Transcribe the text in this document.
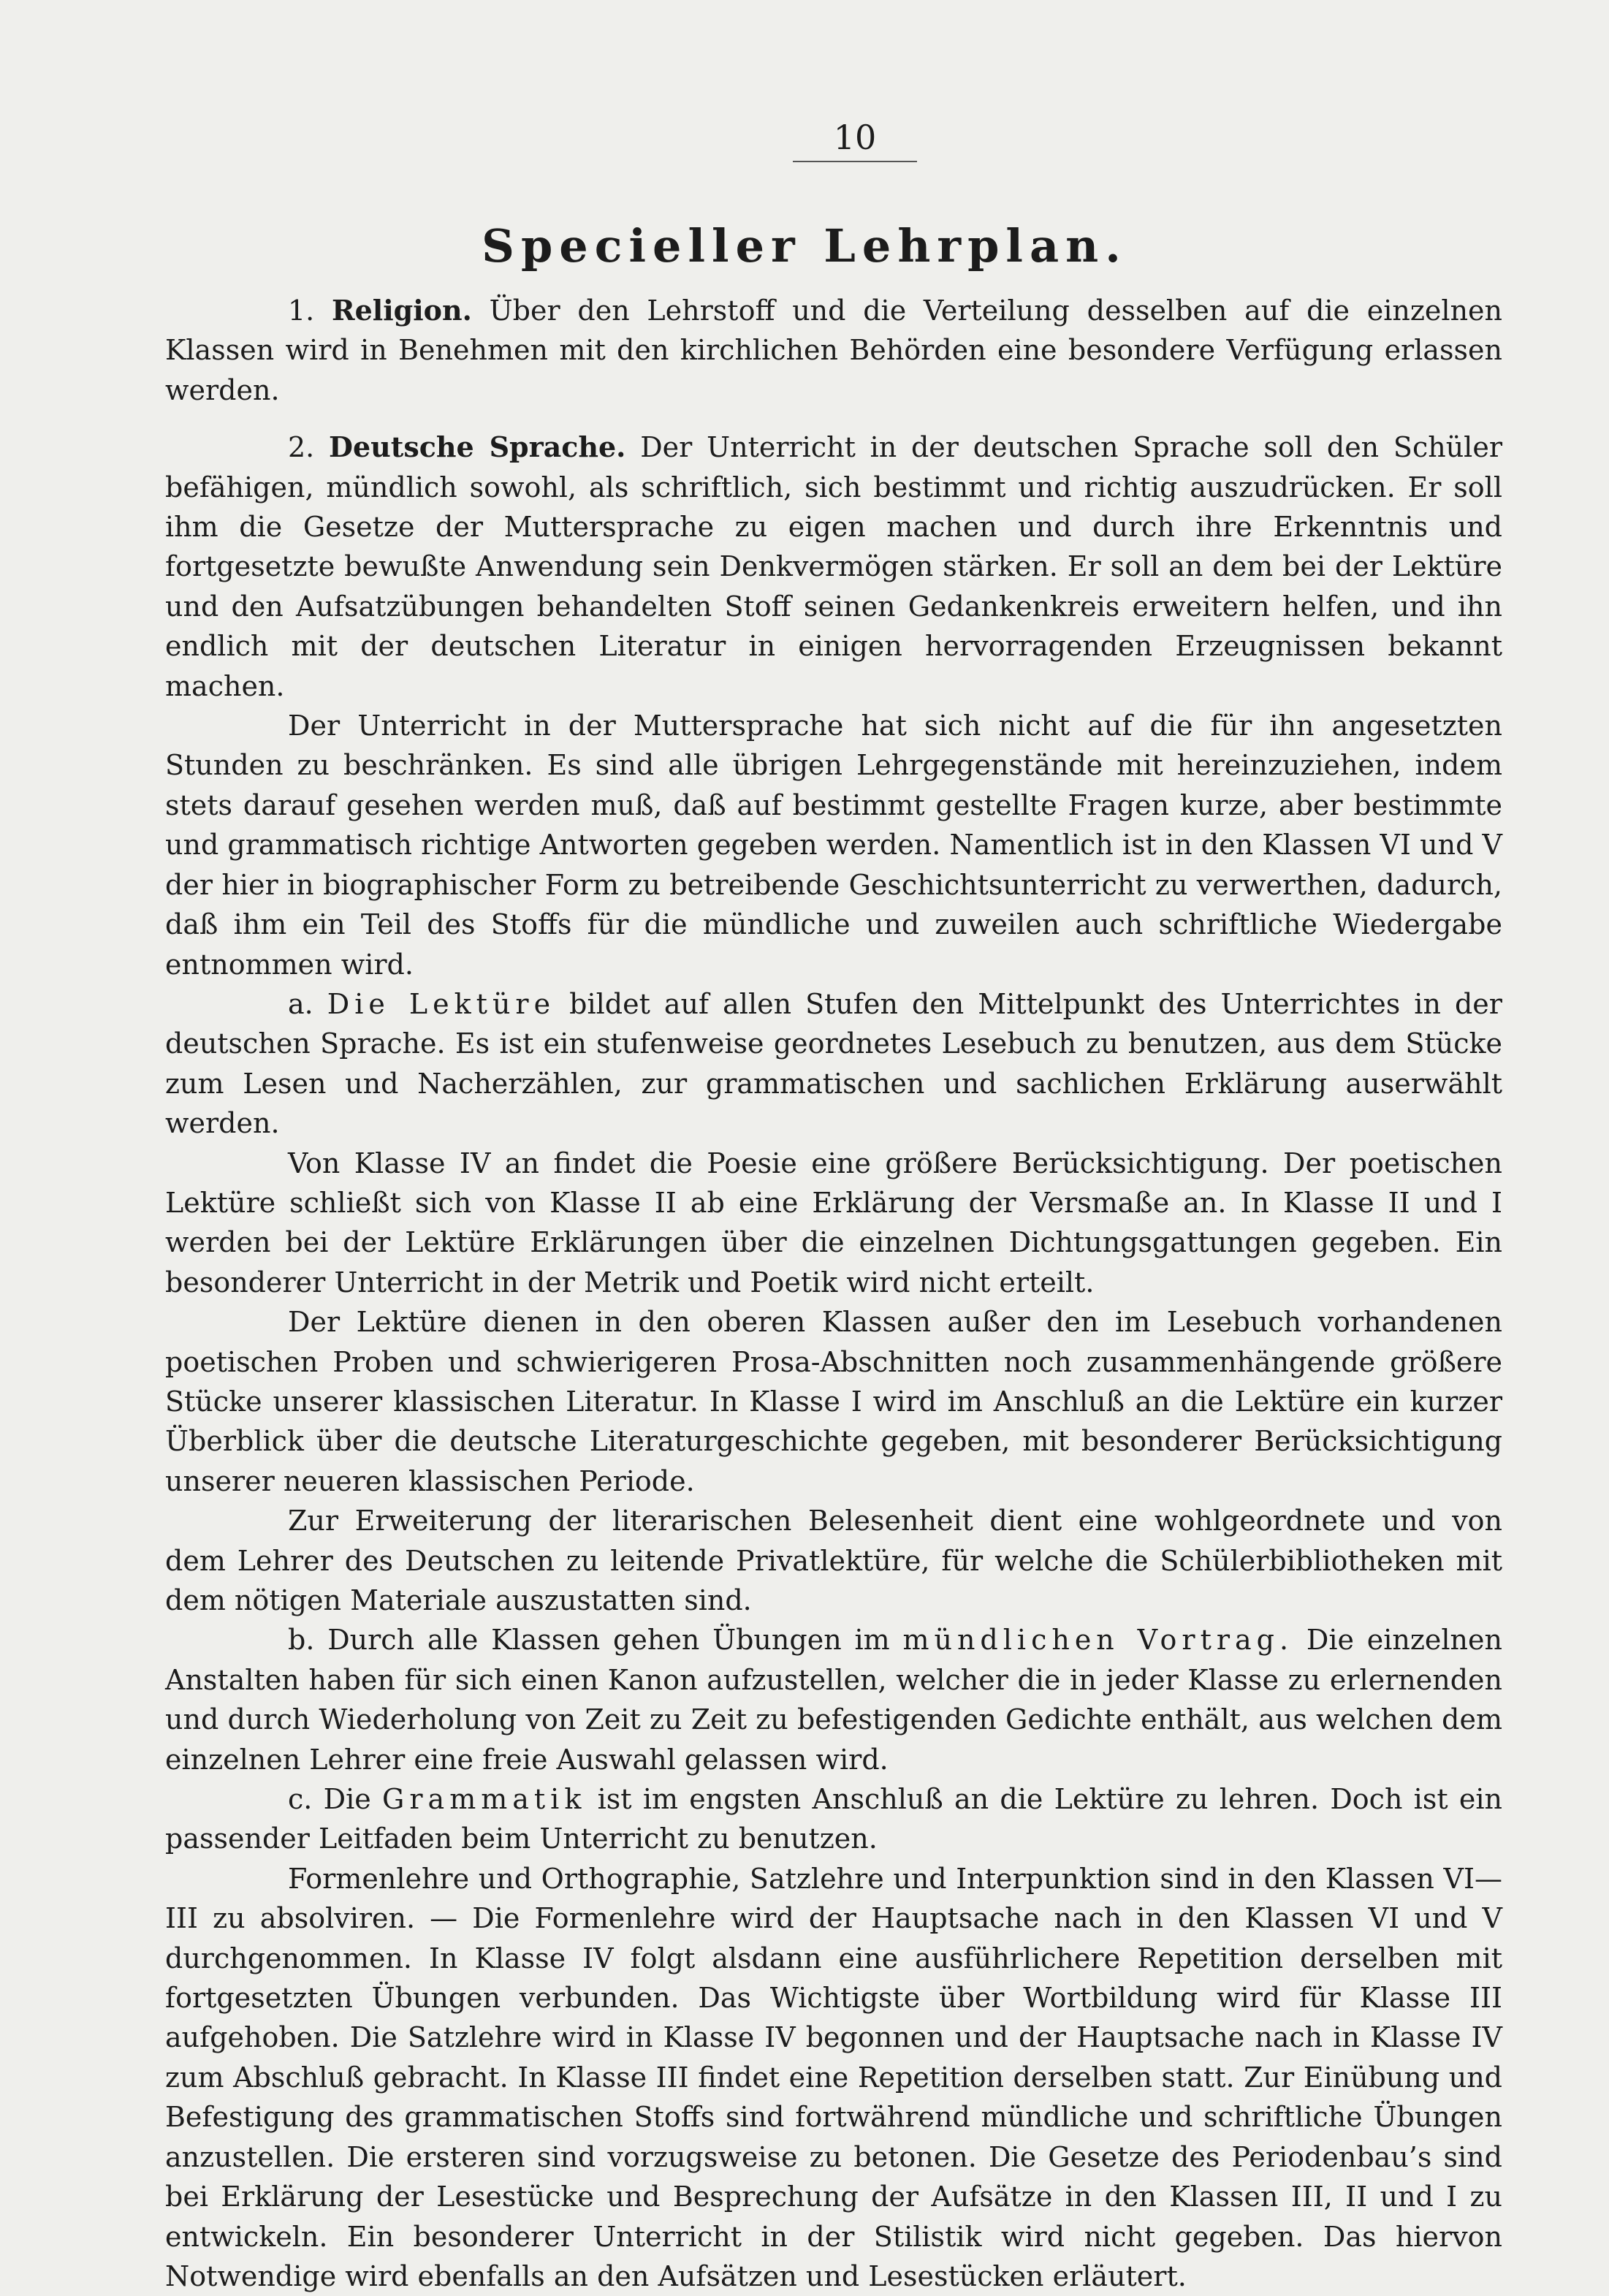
10
Specieller Lehrplan.

1. Religion. Über den Lehrstoff und die Verteilung desselben auf die einzelnen Klassen wird in Benehmen mit den kirchlichen Behörden eine besondere Verfügung erlassen werden.

2. Deutsche Sprache. Der Unterricht in der deutschen Sprache soll den Schüler befähigen, mündlich sowohl, als schriftlich, sich bestimmt und richtig auszudrücken. Er soll ihm die Gesetze der Muttersprache zu eigen machen und durch ihre Erkenntnis und fortgesetzte bewußte Anwendung sein Denkvermögen stärken. Er soll an dem bei der Lektüre und den Aufsatzübungen behandelten Stoff seinen Gedankenkreis erweitern helfen, und ihn endlich mit der deutschen Literatur in einigen hervorragenden Erzeugnissen bekannt machen.

Der Unterricht in der Muttersprache hat sich nicht auf die für ihn angesetzten Stunden zu beschränken. Es sind alle übrigen Lehrgegenstände mit hereinzuziehen, indem stets darauf gesehen werden muß, daß auf bestimmt gestellte Fragen kurze, aber bestimmte und grammatisch richtige Antworten gegeben werden. Namentlich ist in den Klassen VI und V der hier in biographischer Form zu betreibende Geschichtsunterricht zu verwerthen, dadurch, daß ihm ein Teil des Stoffs für die mündliche und zuweilen auch schriftliche Wiedergabe entnommen wird.

a. Die Lektüre bildet auf allen Stufen den Mittelpunkt des Unterrichtes in der deutschen Sprache. Es ist ein stufenweise geordnetes Lesebuch zu benutzen, aus dem Stücke zum Lesen und Nacherzählen, zur grammatischen und sachlichen Erklärung auserwählt werden.

Von Klasse IV an findet die Poesie eine größere Berücksichtigung. Der poetischen Lektüre schließt sich von Klasse II ab eine Erklärung der Versmaße an. In Klasse II und I werden bei der Lektüre Erklärungen über die einzelnen Dichtungsgattungen gegeben. Ein besonderer Unterricht in der Metrik und Poetik wird nicht erteilt.

Der Lektüre dienen in den oberen Klassen außer den im Lesebuch vorhandenen poetischen Proben und schwierigeren Prosa-Abschnitten noch zusammenhängende größere Stücke unserer klassischen Literatur. In Klasse I wird im Anschluß an die Lektüre ein kurzer Überblick über die deutsche Literaturgeschichte gegeben, mit besonderer Berücksichtigung unserer neueren klassischen Periode.

Zur Erweiterung der literarischen Belesenheit dient eine wohlgeordnete und von dem Lehrer des Deutschen zu leitende Privatlektüre, für welche die Schülerbibliotheken mit dem nötigen Materiale auszustatten sind.

b. Durch alle Klassen gehen Übungen im mündlichen Vortrag. Die einzelnen Anstalten haben für sich einen Kanon aufzustellen, welcher die in jeder Klasse zu erlernenden und durch Wiederholung von Zeit zu Zeit zu befestigenden Gedichte enthält, aus welchen dem einzelnen Lehrer eine freie Auswahl gelassen wird.

c. Die Grammatik ist im engsten Anschluß an die Lektüre zu lehren. Doch ist ein passender Leitfaden beim Unterricht zu benutzen.

Formenlehre und Orthographie, Satzlehre und Interpunktion sind in den Klassen VI—III zu absolviren. — Die Formenlehre wird der Hauptsache nach in den Klassen VI und V durchgenommen. In Klasse IV folgt alsdann eine ausführlichere Repetition derselben mit fortgesetzten Übungen verbunden. Das Wichtigste über Wortbildung wird für Klasse III aufgehoben. Die Satzlehre wird in Klasse IV begonnen und der Hauptsache nach in Klasse IV zum Abschluß gebracht. In Klasse III findet eine Repetition derselben statt. Zur Einübung und Befestigung des grammatischen Stoffs sind fortwährend mündliche und schriftliche Übungen anzustellen. Die ersteren sind vorzugsweise zu betonen. Die Gesetze des Periodenbau’s sind bei Erklärung der Lesestücke und Besprechung der Aufsätze in den Klassen III, II und I zu entwickeln. Ein besonderer Unterricht in der Stilistik wird nicht gegeben. Das hiervon Notwendige wird ebenfalls an den Aufsätzen und Lesestücken erläutert.
